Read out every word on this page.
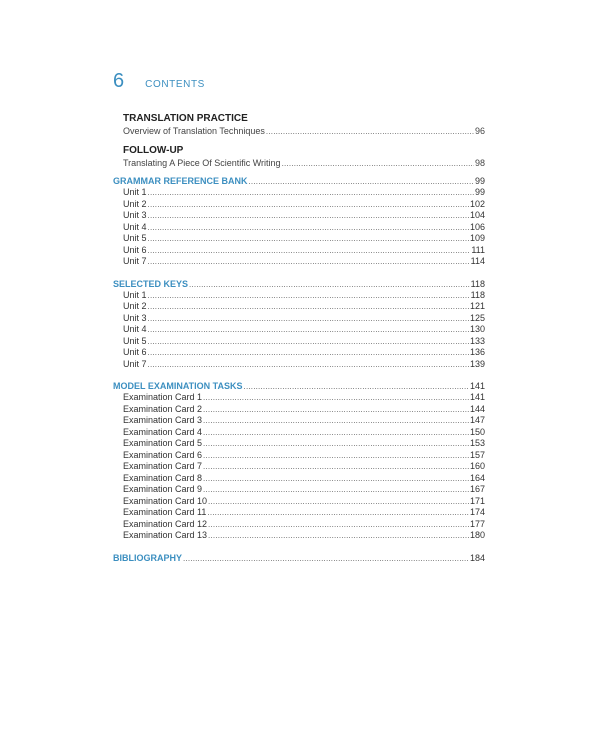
6 CONTENTS
TRANSLATION PRACTICE
Overview of Translation Techniques .....	96
FOLLOW-UP
Translating A Piece Of Scientific Writing .....	98
GRAMMAR REFERENCE BANK .....	99
Unit 1 .....	99
Unit 2 .....	102
Unit 3 .....	104
Unit 4 .....	106
Unit 5 .....	109
Unit 6 .....	111
Unit 7 .....	114
SELECTED KEYS .....	118
Unit 1 .....	118
Unit 2 .....	121
Unit 3 .....	125
Unit 4 .....	130
Unit 5 .....	133
Unit 6 .....	136
Unit 7 .....	139
MODEL EXAMINATION TASKS .....	141
Examination Card 1 .....	141
Examination Card 2 .....	144
Examination Card 3 .....	147
Examination Card 4 .....	150
Examination Card 5 .....	153
Examination Card 6 .....	157
Examination Card 7 .....	160
Examination Card 8 .....	164
Examination Card 9 .....	167
Examination Card 10 .....	171
Examination Card 11 .....	174
Examination Card 12 .....	177
Examination Card 13 .....	180
BIBLIOGRAPHY .....	184
